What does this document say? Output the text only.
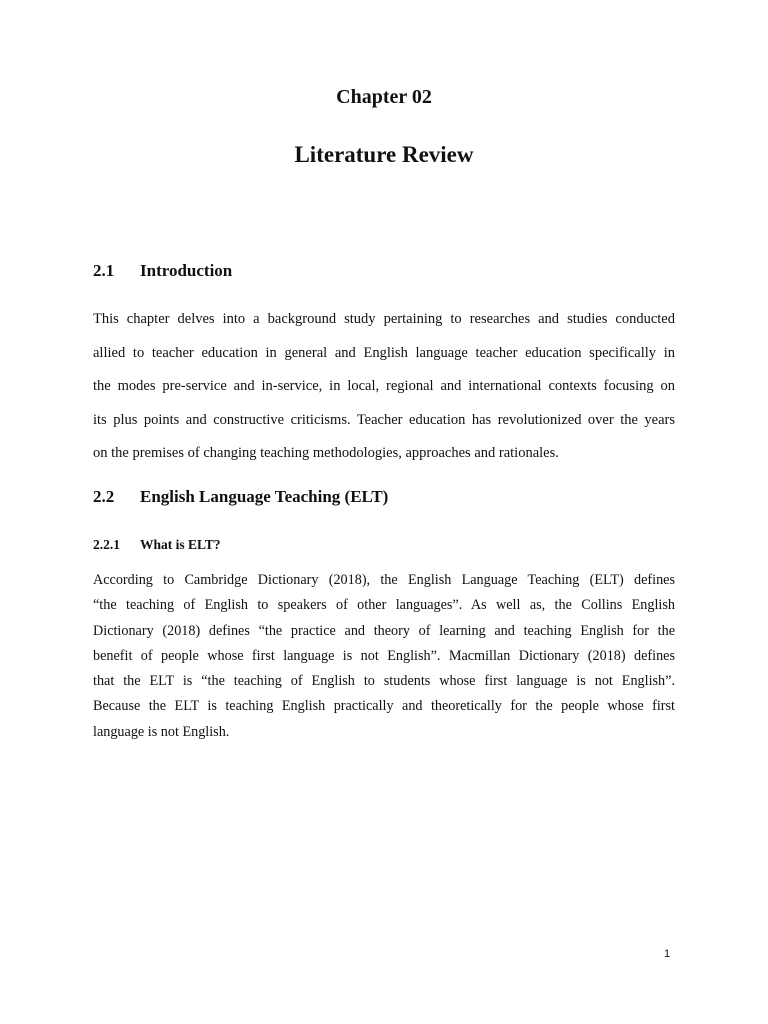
Chapter 02
Literature Review
2.1 Introduction
This chapter delves into a background study pertaining to researches and studies conducted
allied to teacher education in general and English language teacher education specifically in
the modes pre-service and in-service, in local, regional and international contexts focusing on
its plus points and constructive criticisms. Teacher education has revolutionized over the years
on the premises of changing teaching methodologies, approaches and rationales.
2.2 English Language Teaching (ELT)
2.2.1 What is ELT?
According to Cambridge Dictionary (2018), the English Language Teaching (ELT) defines
“the teaching of English to speakers of other languages”. As well as, the Collins English
Dictionary (2018) defines “the practice and theory of learning and teaching English for the
benefit of people whose first language is not English”. Macmillan Dictionary (2018) defines
that the ELT is “the teaching of English to students whose first language is not English”.
Because the ELT is teaching English practically and theoretically for the people whose first
language is not English.

1
